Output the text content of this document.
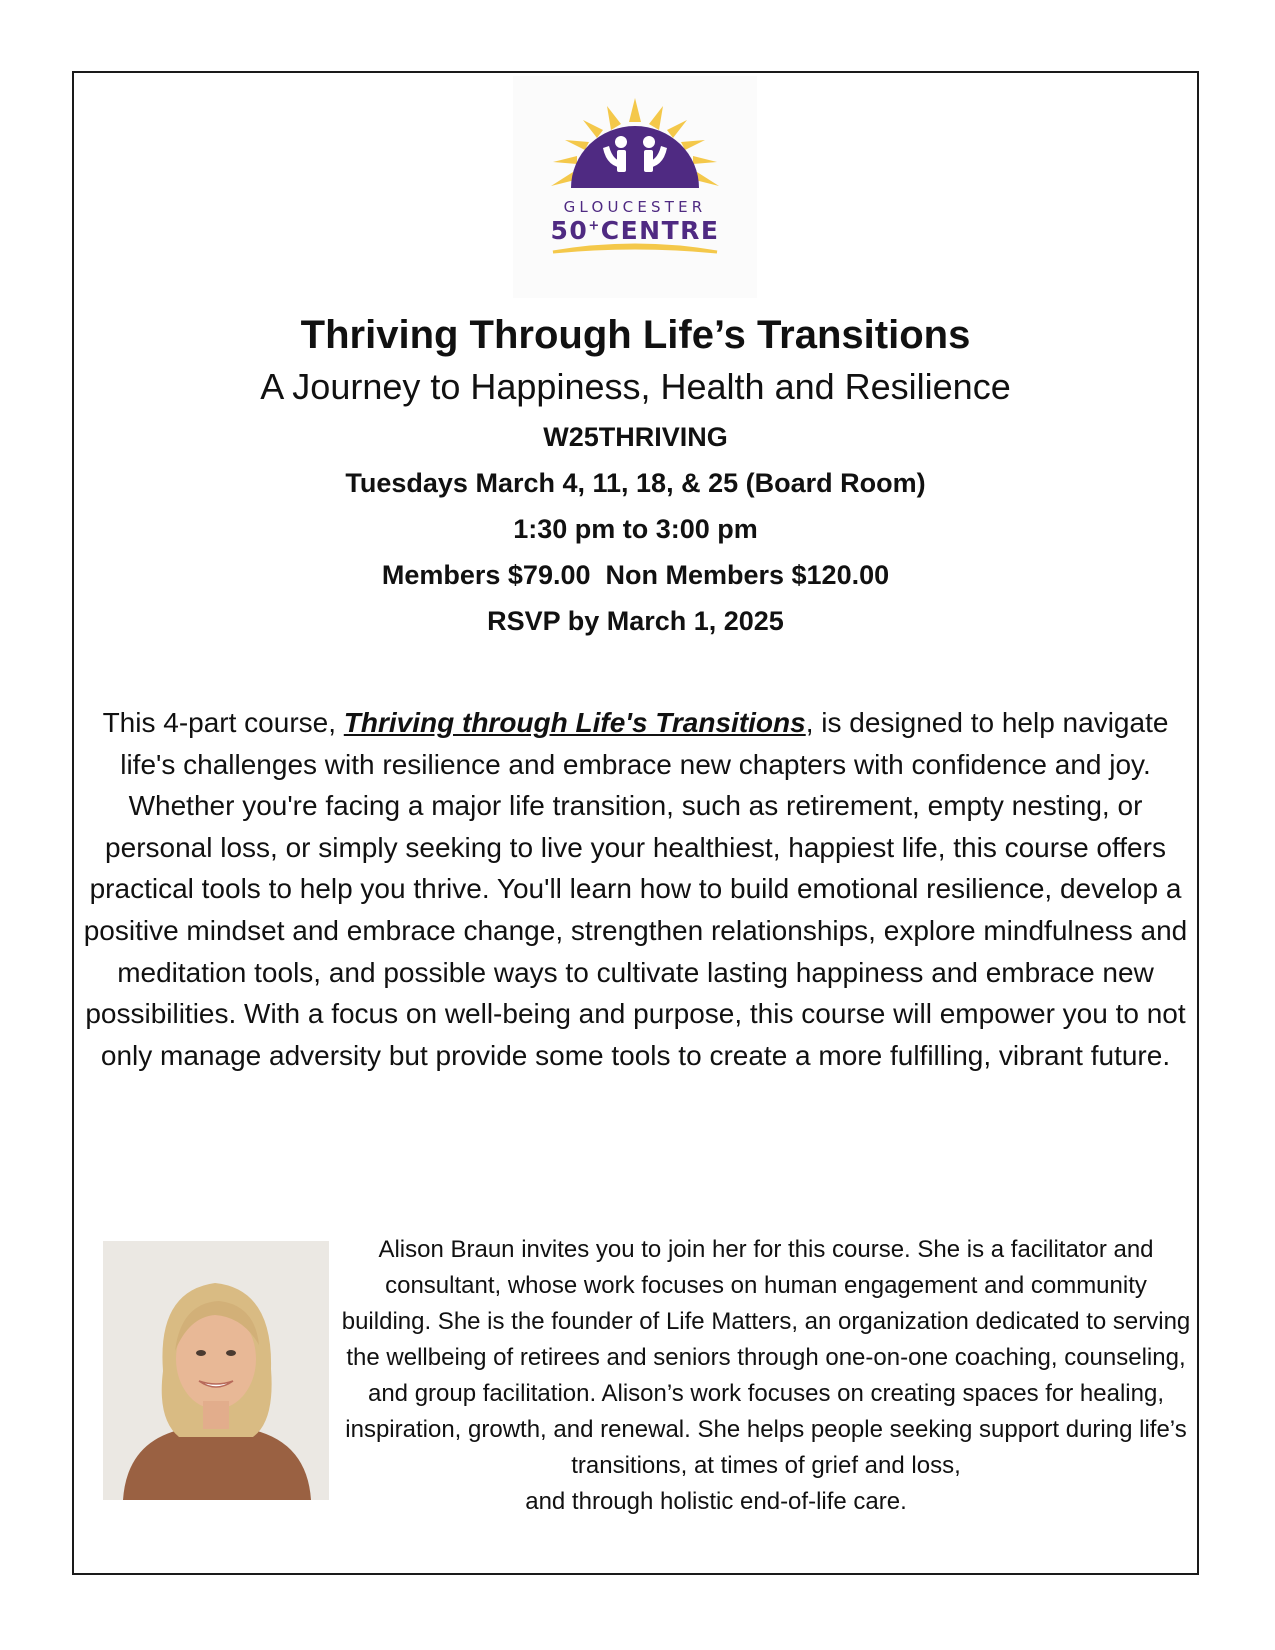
GLOUCESTER
50+CENTRE

Thriving Through Life’s Transitions

A Journey to Happiness, Health and Resilience

W25THRIVING

Tuesdays March 4, 11, 18, & 25 (Board Room)

1:30 pm to 3:00 pm

Members $79.00  Non Members $120.00

RSVP by March 1, 2025

This 4-part course, Thriving through Life's Transitions, is designed to help navigate life's challenges with resilience and embrace new chapters with confidence and joy. Whether you're facing a major life transition, such as retirement, empty nesting, or personal loss, or simply seeking to live your healthiest, happiest life, this course offers practical tools to help you thrive. You'll learn how to build emotional resilience, develop a positive mindset and embrace change, strengthen relationships, explore mindfulness and meditation tools, and possible ways to cultivate lasting happiness and embrace new possibilities. With a focus on well-being and purpose, this course will empower you to not only manage adversity but provide some tools to create a more fulfilling, vibrant future.

Alison Braun invites you to join her for this course. She is a facilitator and consultant, whose work focuses on human engagement and community building. She is the founder of Life Matters, an organization dedicated to serving the wellbeing of retirees and seniors through one-on-one coaching, counseling, and group facilitation. Alison’s work focuses on creating spaces for healing, inspiration, growth, and renewal. She helps people seeking support during life’s transitions, at times of grief and loss,
and through holistic end-of-life care.
